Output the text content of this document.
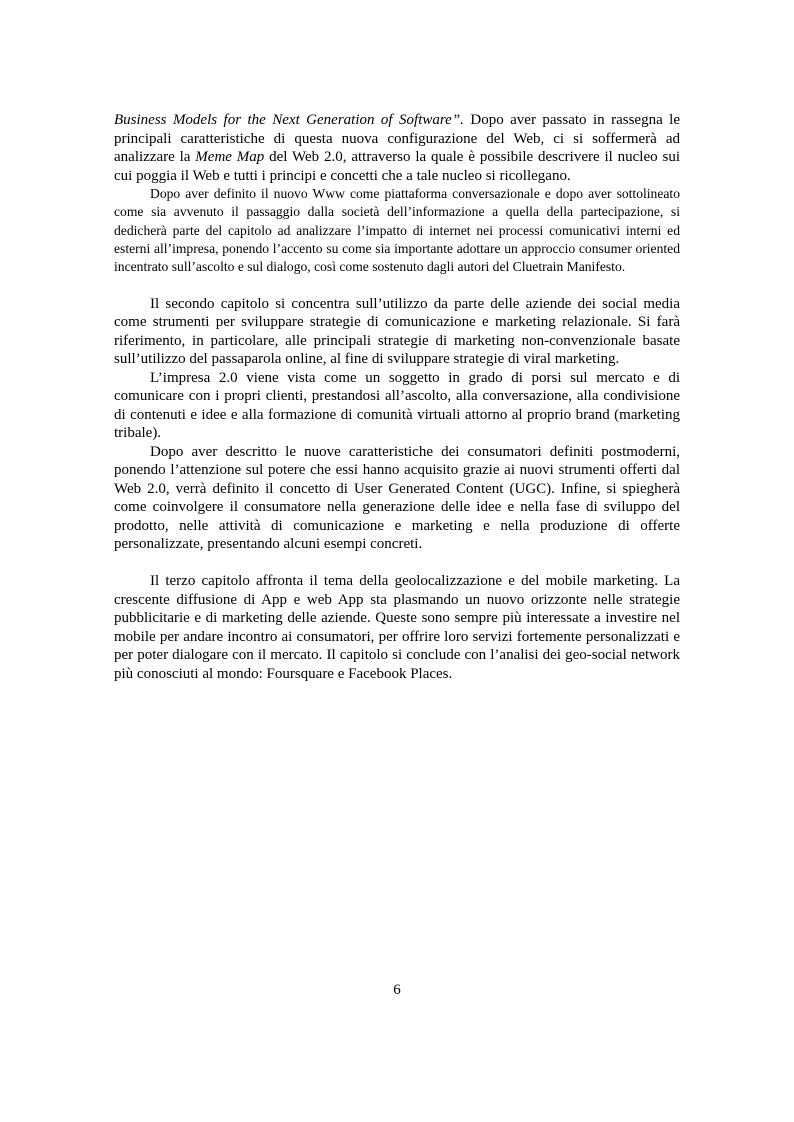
Business Models for the Next Generation of Software”. Dopo aver passato in rassegna le principali caratteristiche di questa nuova configurazione del Web, ci si soffermerà ad analizzare la Meme Map del Web 2.0, attraverso la quale è possibile descrivere il nucleo sui cui poggia il Web e tutti i principi e concetti che a tale nucleo si ricollegano.

Dopo aver definito il nuovo Www come piattaforma conversazionale e dopo aver sottolineato come sia avvenuto il passaggio dalla società dell’informazione a quella della partecipazione, si dedicherà parte del capitolo ad analizzare l’impatto di internet nei processi comunicativi interni ed esterni all’impresa, ponendo l’accento su come sia importante adottare un approccio consumer oriented incentrato sull’ascolto e sul dialogo, così come sostenuto dagli autori del Cluetrain Manifesto.

Il secondo capitolo si concentra sull’utilizzo da parte delle aziende dei social media come strumenti per sviluppare strategie di comunicazione e marketing relazionale. Si farà riferimento, in particolare, alle principali strategie di marketing non-convenzionale basate sull’utilizzo del passaparola online, al fine di sviluppare strategie di viral marketing.

L’impresa 2.0 viene vista come un soggetto in grado di porsi sul mercato e di comunicare con i propri clienti, prestandosi all’ascolto, alla conversazione, alla condivisione di contenuti e idee e alla formazione di comunità virtuali attorno al proprio brand (marketing tribale).

Dopo aver descritto le nuove caratteristiche dei consumatori definiti postmoderni, ponendo l’attenzione sul potere che essi hanno acquisito grazie ai nuovi strumenti offerti dal Web 2.0, verrà definito il concetto di User Generated Content (UGC). Infine, si spiegherà come coinvolgere il consumatore nella generazione delle idee e nella fase di sviluppo del prodotto, nelle attività di comunicazione e marketing e nella produzione di offerte personalizzate, presentando alcuni esempi concreti.

Il terzo capitolo affronta il tema della geolocalizzazione e del mobile marketing. La crescente diffusione di App e web App sta plasmando un nuovo orizzonte nelle strategie pubblicitarie e di marketing delle aziende. Queste sono sempre più interessate a investire nel mobile per andare incontro ai consumatori, per offrire loro servizi fortemente personalizzati e per poter dialogare con il mercato. Il capitolo si conclude con l’analisi dei geo-social network più conosciuti al mondo: Foursquare e Facebook Places.

6
